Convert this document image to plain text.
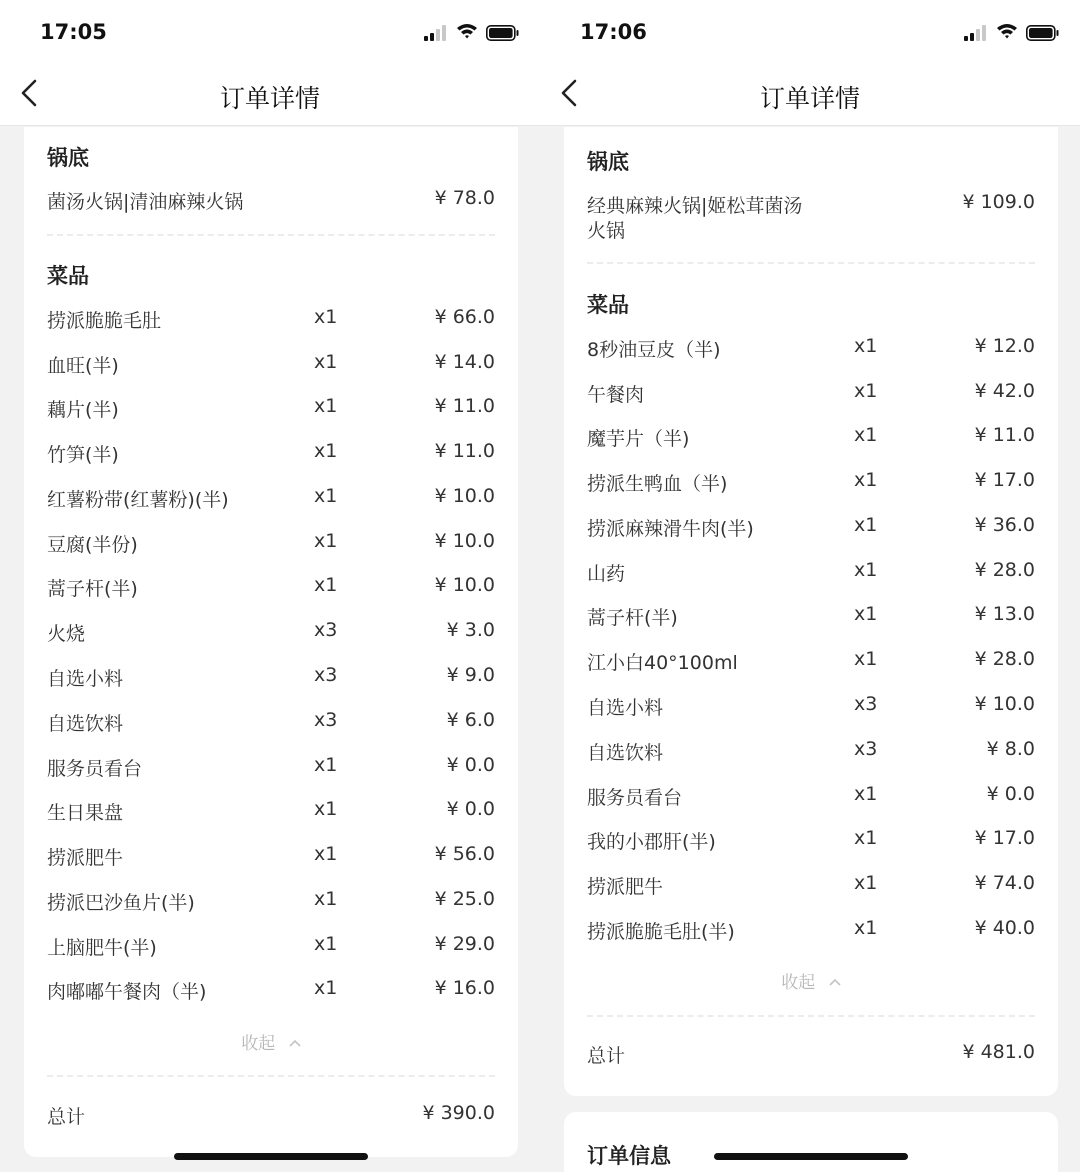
17:05
订单详情
锅底
菌汤火锅|清油麻辣火锅	¥ 78.0
菜品
捞派脆脆毛肚	x1	¥ 66.0
血旺(半)	x1	¥ 14.0
藕片(半)	x1	¥ 11.0
竹笋(半)	x1	¥ 11.0
红薯粉带(红薯粉)(半)	x1	¥ 10.0
豆腐(半份)	x1	¥ 10.0
蒿子杆(半)	x1	¥ 10.0
火烧	x3	¥ 3.0
自选小料	x3	¥ 9.0
自选饮料	x3	¥ 6.0
服务员看台	x1	¥ 0.0
生日果盘	x1	¥ 0.0
捞派肥牛	x1	¥ 56.0
捞派巴沙鱼片(半)	x1	¥ 25.0
上脑肥牛(半)	x1	¥ 29.0
肉嘟嘟午餐肉（半)	x1	¥ 16.0
收起
总计	¥ 390.0
17:06
订单详情
锅底
经典麻辣火锅|姬松茸菌汤
火锅
¥ 109.0
菜品
8秒油豆皮（半)	x1	¥ 12.0
午餐肉	x1	¥ 42.0
魔芋片（半)	x1	¥ 11.0
捞派生鸭血（半)	x1	¥ 17.0
捞派麻辣滑牛肉(半)	x1	¥ 36.0
山药	x1	¥ 28.0
蒿子杆(半)	x1	¥ 13.0
江小白40°100ml	x1	¥ 28.0
自选小料	x3	¥ 10.0
自选饮料	x3	¥ 8.0
服务员看台	x1	¥ 0.0
我的小郡肝(半)	x1	¥ 17.0
捞派肥牛	x1	¥ 74.0
捞派脆脆毛肚(半)	x1	¥ 40.0
收起
总计	¥ 481.0
订单信息
